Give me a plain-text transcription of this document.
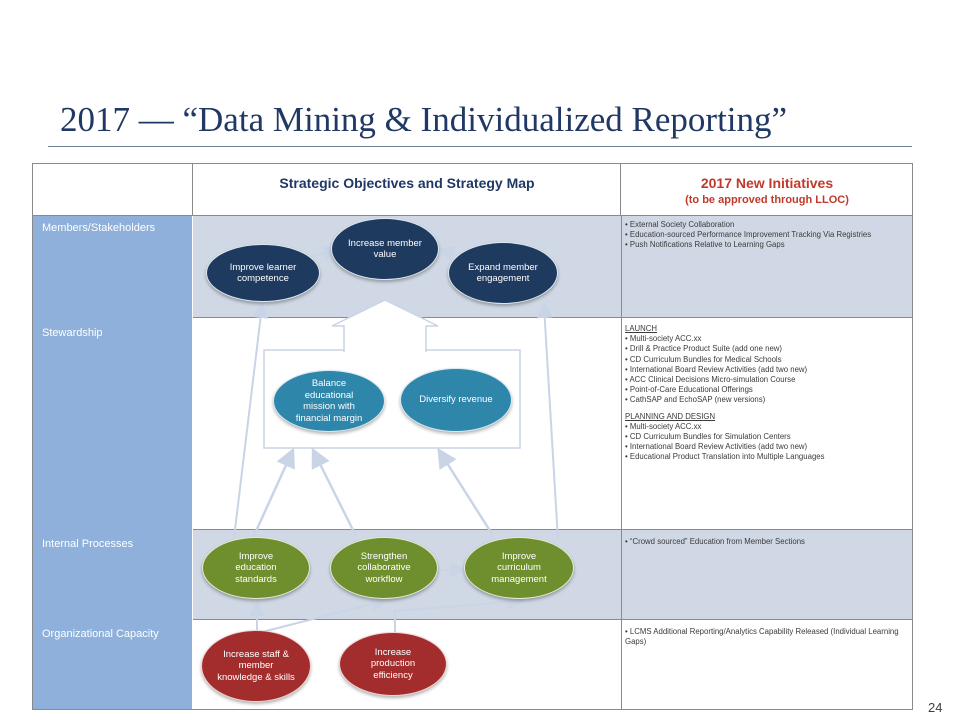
2017 — “Data Mining & Individualized Reporting”
Strategic Objectives and Strategy Map	2017 New Initiatives
(to be approved through LLOC)
Members/Stakeholders
Stewardship
Internal Processes
Organizational Capacity
• External Society Collaboration
• Education-sourced Performance Improvement Tracking Via Registries
• Push Notifications Relative to Learning Gaps
LAUNCH
• Multi-society ACC.xx
• Drill & Practice Product Suite (add one new)
• CD Curriculum Bundles for Medical Schools
• International Board Review Activities (add two new)
• ACC Clinical Decisions Micro-simulation Course
• Point-of-Care Educational Offerings
• CathSAP and EchoSAP (new versions)
PLANNING AND DESIGN
• Multi-society ACC.xx
• CD Curriculum Bundles for Simulation Centers
• International Board Review Activities (add two new)
• Educational Product Translation into Multiple Languages
• “Crowd sourced” Education from Member Sections
• LCMS Additional Reporting/Analytics Capability Released (Individual Learning Gaps)
Improve learner competence
Increase member value
Expand member engagement
Balance educational mission with financial margin
Diversify revenue
Improve education standards
Strengthen collaborative workflow
Improve curriculum management
Increase staff & member knowledge & skills
Increase production efficiency
24
